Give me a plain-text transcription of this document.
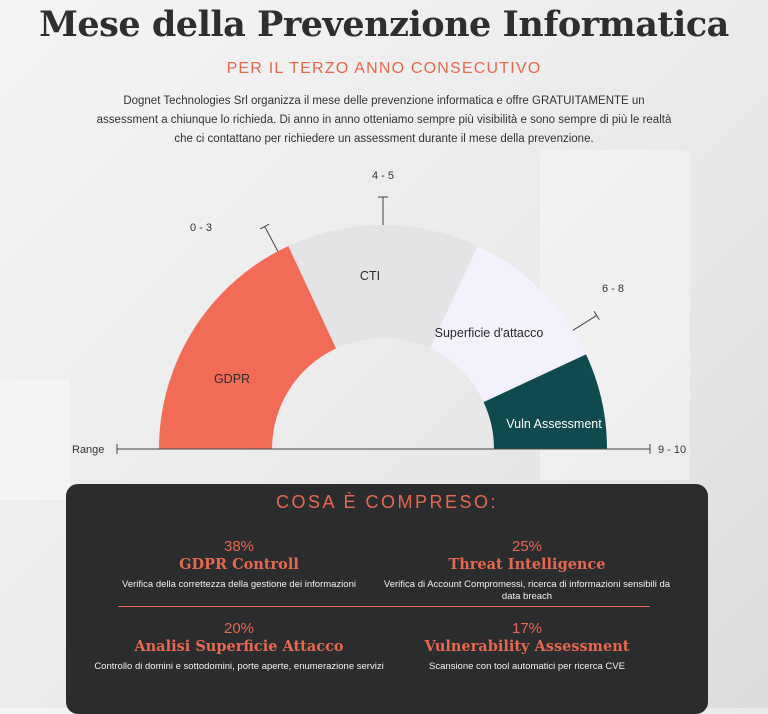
Mese della Prevenzione Informatica
PER IL TERZO ANNO CONSECUTIVO
Dognet Technologies Srl organizza il mese delle prevenzione informatica e offre GRATUITAMENTE un assessment a chiunque lo richieda. Di anno in anno otteniamo sempre più visibilità e sono sempre di più le realtà che ci contattano per richiedere un assessment durante il mese della prevenzione.
GDPR
CTI
Superficie d'attacco
Vuln Assessment
0 - 3
4 - 5
6 - 8
9 - 10
Range
COSA È COMPRESO:
38%
GDPR Controll
Verifica della correttezza della gestione dei informazioni
25%
Threat Intelligence
Verifica di Account Compromessi, ricerca di informazioni sensibili da data breach
20%
Analisi Superficie Attacco
Controllo di domini e sottodomini, porte aperte, enumerazione servizi
17%
Vulnerability Assessment
Scansione con tool automatici per ricerca CVE
